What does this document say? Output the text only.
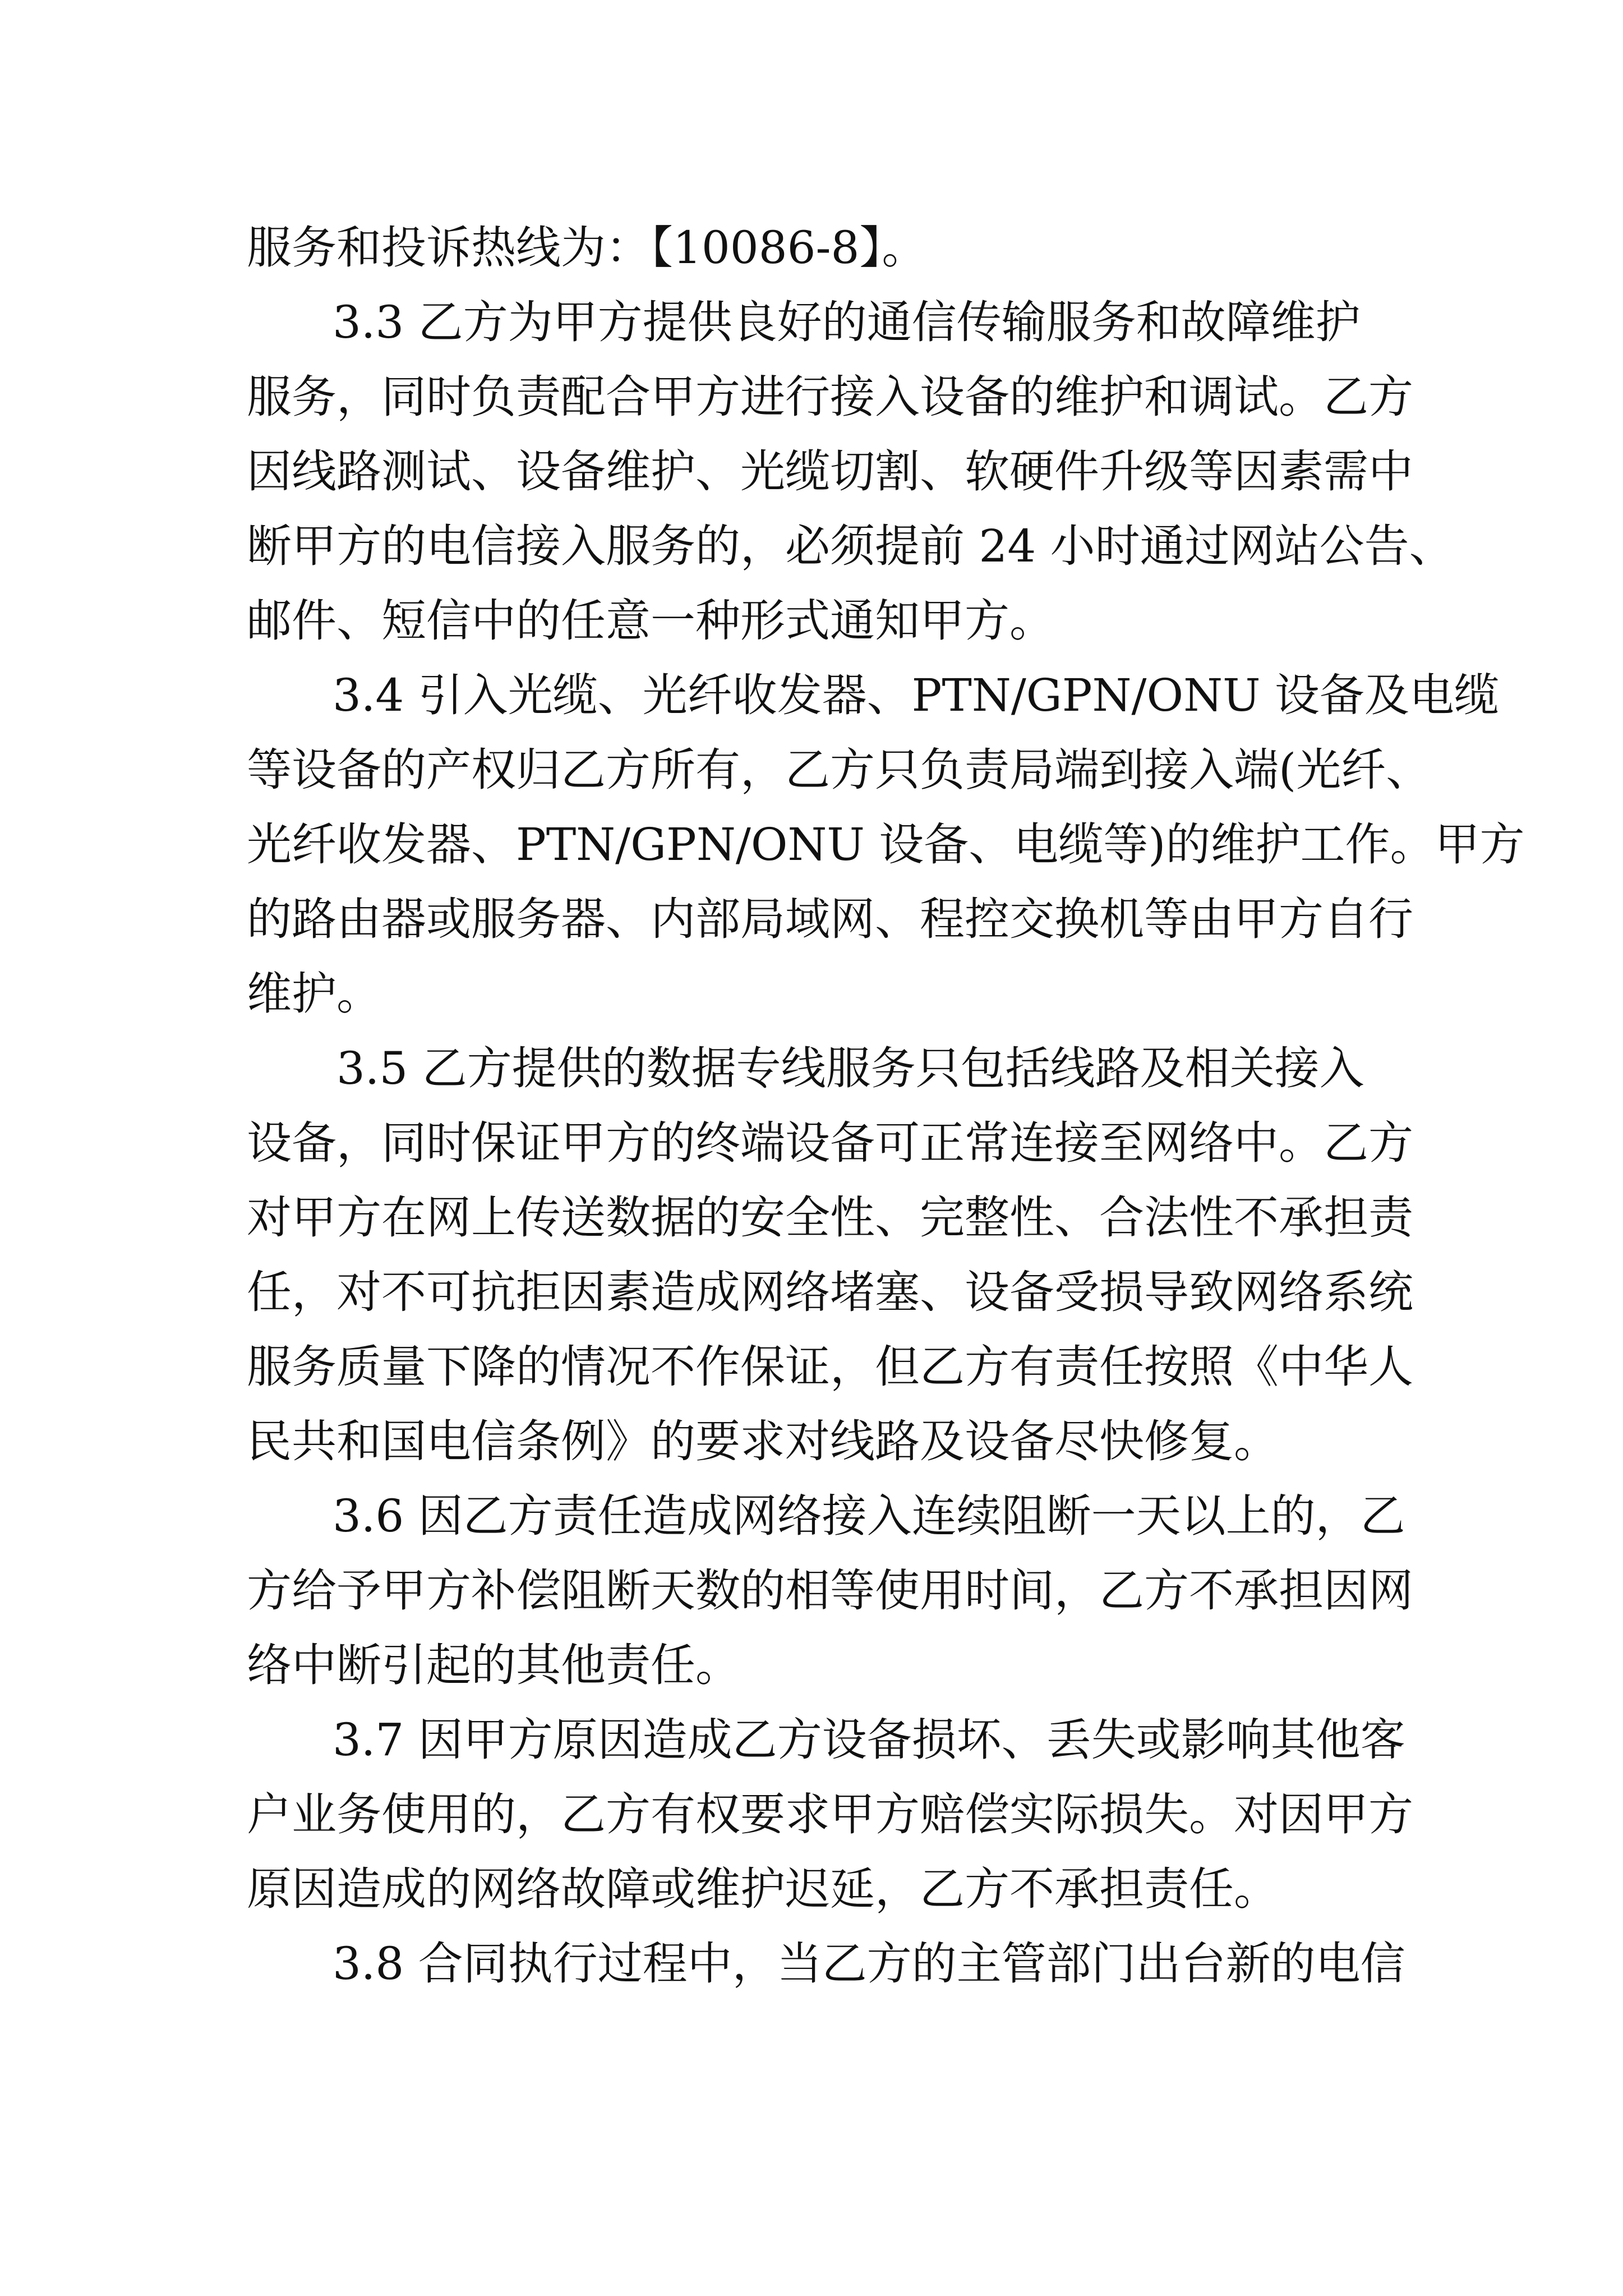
服务和投诉热线为：【10086-8】。
3.3 乙方为甲方提供良好的通信传输服务和故障维护
服务，同时负责配合甲方进行接入设备的维护和调试。乙方
因线路测试、设备维护、光缆切割、软硬件升级等因素需中
断甲方的电信接入服务的，必须提前 24 小时通过网站公告、
邮件、短信中的任意一种形式通知甲方。
3.4 引入光缆、光纤收发器、PTN/GPN/ONU 设备及电缆
等设备的产权归乙方所有，乙方只负责局端到接入端(光纤、
光纤收发器、PTN/GPN/ONU 设备、电缆等)的维护工作。甲方
的路由器或服务器、内部局域网、程控交换机等由甲方自行
维护。
3.5 乙方提供的数据专线服务只包括线路及相关接入
设备，同时保证甲方的终端设备可正常连接至网络中。乙方
对甲方在网上传送数据的安全性、完整性、合法性不承担责
任，对不可抗拒因素造成网络堵塞、设备受损导致网络系统
服务质量下降的情况不作保证，但乙方有责任按照《中华人
民共和国电信条例》的要求对线路及设备尽快修复。
3.6 因乙方责任造成网络接入连续阻断一天以上的，乙
方给予甲方补偿阻断天数的相等使用时间，乙方不承担因网
络中断引起的其他责任。
3.7 因甲方原因造成乙方设备损坏、丢失或影响其他客
户业务使用的，乙方有权要求甲方赔偿实际损失。对因甲方
原因造成的网络故障或维护迟延，乙方不承担责任。
3.8 合同执行过程中，当乙方的主管部门出台新的电信
